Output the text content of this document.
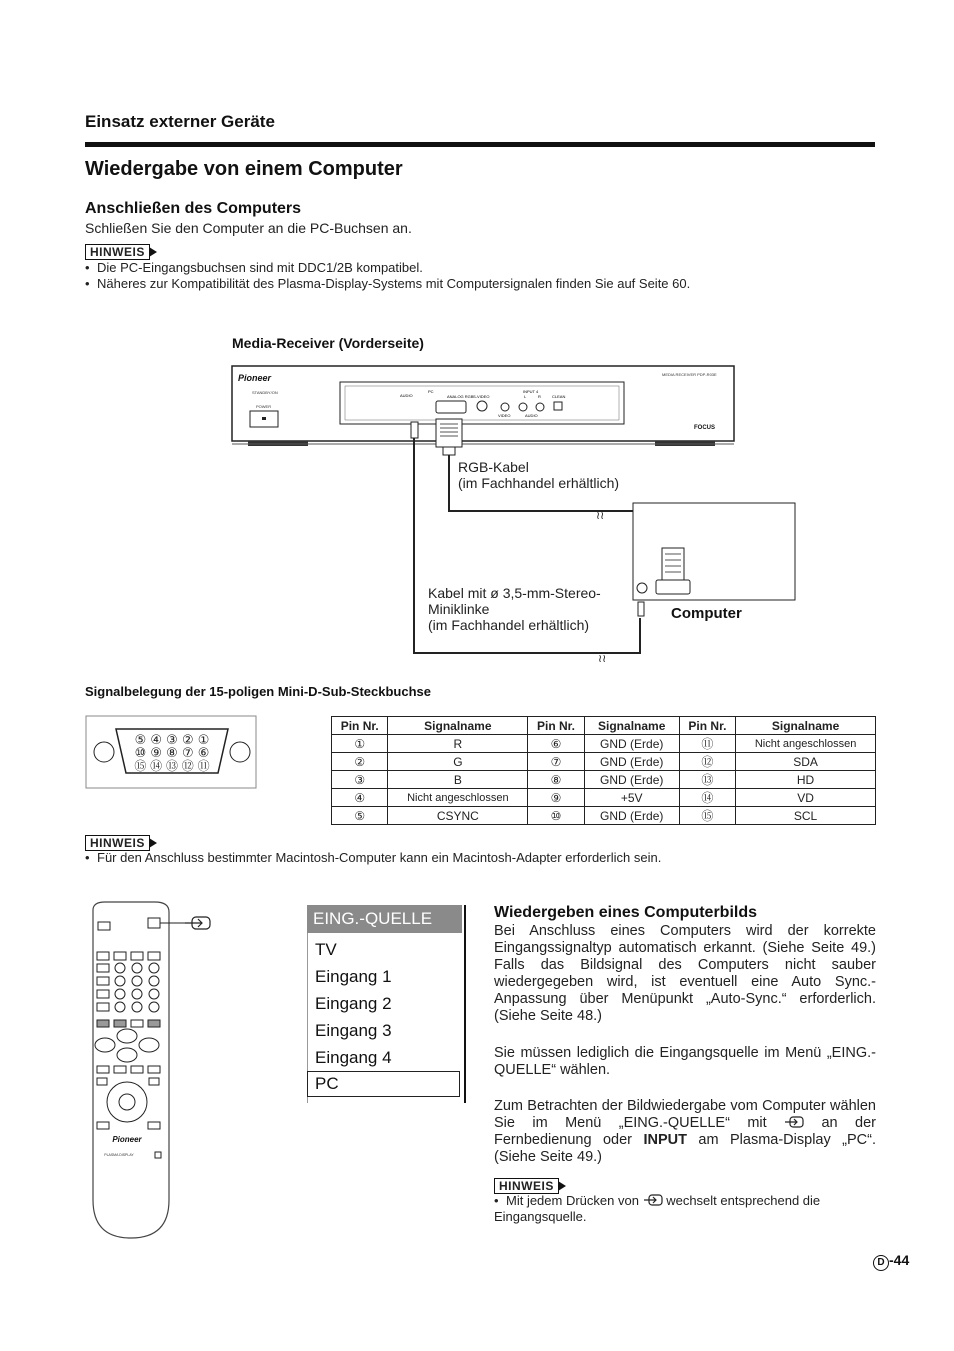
Einsatz externer Geräte
Wiedergabe von einem Computer
Anschließen des Computers
Schließen Sie den Computer an die PC-Buchsen an.
HINWEIS
• Die PC-Eingangsbuchsen sind mit DDC1/2B kompatibel.
• Näheres zur Kompatibilität des Plasma-Display-Systems mit Computersignalen finden Sie auf Seite 60.
Media-Receiver (Vorderseite)
Pioneer	MEDIA RECEIVER PDP-R03E
STANDBY/ON
POWER
FOCUS
AUDIO
PC
ANALOG RGB S-VIDEO
INPUT 4
CLEAN
VIDEO	AUDIO
L	R
≀≀
≀≀
RGB-Kabel
(im Fachhandel erhältlich)
Kabel mit ø 3,5-mm-Stereo-
Miniklinke
(im Fachhandel erhältlich)
Computer
Signalbelegung der 15-poligen Mini-D-Sub-Steckbuchse
⑤ ④ ③ ② ①
⑩ ⑨ ⑧ ⑦ ⑥
⑮ ⑭ ⑬ ⑫ ⑪
Pin Nr.	Signalname	Pin Nr.	Signalname	Pin Nr.	Signalname
①	R	⑥	GND (Erde)	⑪	Nicht angeschlossen
②	G	⑦	GND (Erde)	⑫	SDA
③	B	⑧	GND (Erde)	⑬	HD
④	Nicht angeschlossen	⑨	+5V	⑭	VD
⑤	CSYNC	⑩	GND (Erde)	⑮	SCL
HINWEIS
• Für den Anschluss bestimmter Macintosh-Computer kann ein Macintosh-Adapter erforderlich sein.
Pioneer
PLASMA DISPLAY
EING.-QUELLE
TV
Eingang 1
Eingang 2
Eingang 3
Eingang 4
PC
Wiedergeben eines Computerbilds
Bei Anschluss eines Computers wird der korrekte Eingangssignaltyp automatisch erkannt. (Siehe Seite 49.) Falls das Bildsignal des Computers nicht sauber wiedergegeben wird, ist eventuell eine Auto Sync.-Anpassung über Menüpunkt „Auto-Sync.“ erforderlich. (Siehe Seite 48.)
Sie müssen lediglich die Eingangsquelle im Menü „EING.-QUELLE“ wählen.
Zum Betrachten der Bildwiedergabe vom Computer wählen Sie im Menü „EING.-QUELLE“ mit	an der Fernbedienung oder INPUT am Plasma-Display „PC“. (Siehe Seite 49.)
HINWEIS
• Mit jedem Drücken von wechselt entsprechend die Eingangsquelle.
D -44
